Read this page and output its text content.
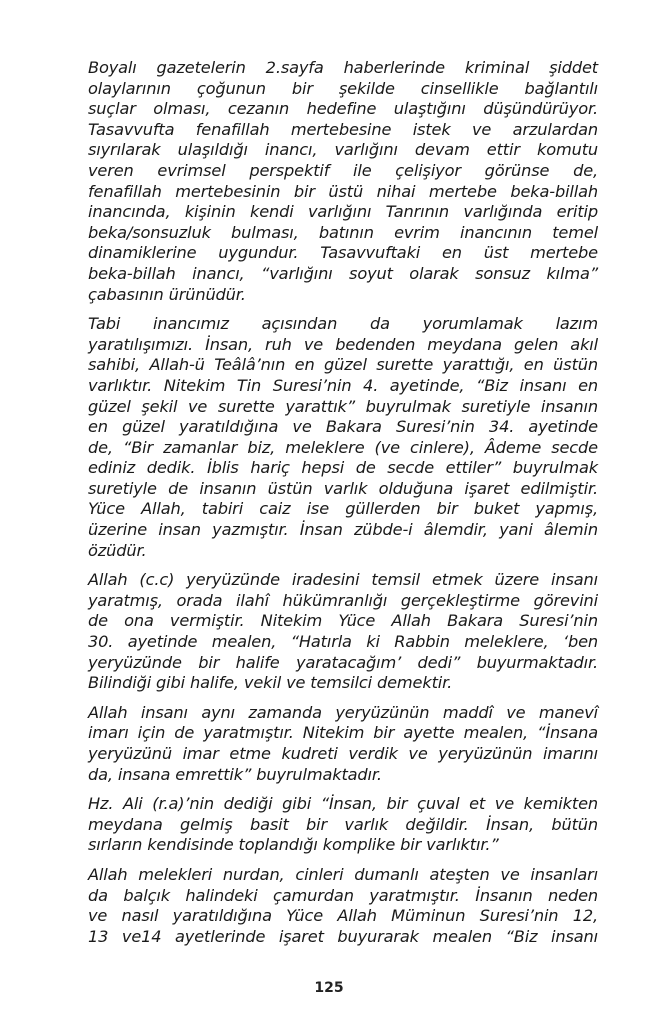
Boyalı gazetelerin 2.sayfa haberlerinde kriminal şiddet
olaylarının çoğunun bir şekilde cinsellikle bağlantılı
suçlar olması, cezanın hedefine ulaştığını düşündürüyor.
Tasavvufta fenafillah mertebesine istek ve arzulardan
sıyrılarak ulaşıldığı inancı, varlığını devam ettir komutu
veren evrimsel perspektif ile çelişiyor görünse de,
fenafillah mertebesinin bir üstü nihai mertebe beka-billah
inancında, kişinin kendi varlığını Tanrının varlığında eritip
beka/sonsuzluk bulması, batının evrim inancının temel
dinamiklerine uygundur. Tasavvuftaki en üst mertebe
beka-billah inancı, “varlığını soyut olarak sonsuz kılma”
çabasının ürünüdür.
Tabi inancımız açısından da yorumlamak lazım
yaratılışımızı. İnsan, ruh ve bedenden meydana gelen akıl
sahibi, Allah-ü Teâlâ’nın en güzel surette yarattığı, en üstün
varlıktır. Nitekim Tin Suresi’nin 4. ayetinde, “Biz insanı en
güzel şekil ve surette yarattık” buyrulmak suretiyle insanın
en güzel yaratıldığına ve Bakara Suresi’nin 34. ayetinde
de, “Bir zamanlar biz, meleklere (ve cinlere), Âdeme secde
ediniz dedik. İblis hariç hepsi de secde ettiler” buyrulmak
suretiyle de insanın üstün varlık olduğuna işaret edilmiştir.
Yüce Allah, tabiri caiz ise güllerden bir buket yapmış,
üzerine insan yazmıştır. İnsan zübde-i âlemdir, yani âlemin
özüdür.
Allah (c.c) yeryüzünde iradesini temsil etmek üzere insanı
yaratmış, orada ilahî hükümranlığı gerçekleştirme görevini
de ona vermiştir. Nitekim Yüce Allah Bakara Suresi’nin
30. ayetinde mealen, “Hatırla ki Rabbin meleklere, ‘ben
yeryüzünde bir halife yaratacağım’ dedi” buyurmaktadır.
Bilindiği gibi halife, vekil ve temsilci demektir.
Allah insanı aynı zamanda yeryüzünün maddî ve manevî
imarı için de yaratmıştır. Nitekim bir ayette mealen, “İnsana
yeryüzünü imar etme kudreti verdik ve yeryüzünün imarını
da, insana emrettik” buyrulmaktadır.
Hz. Ali (r.a)’nin dediği gibi “İnsan, bir çuval et ve kemikten
meydana gelmiş basit bir varlık değildir. İnsan, bütün
sırların kendisinde toplandığı komplike bir varlıktır.”
Allah melekleri nurdan, cinleri dumanlı ateşten ve insanları
da balçık halindeki çamurdan yaratmıştır. İnsanın neden
ve nasıl yaratıldığına Yüce Allah Müminun Suresi’nin 12,
13 ve14 ayetlerinde işaret buyurarak mealen “Biz insanı
125
